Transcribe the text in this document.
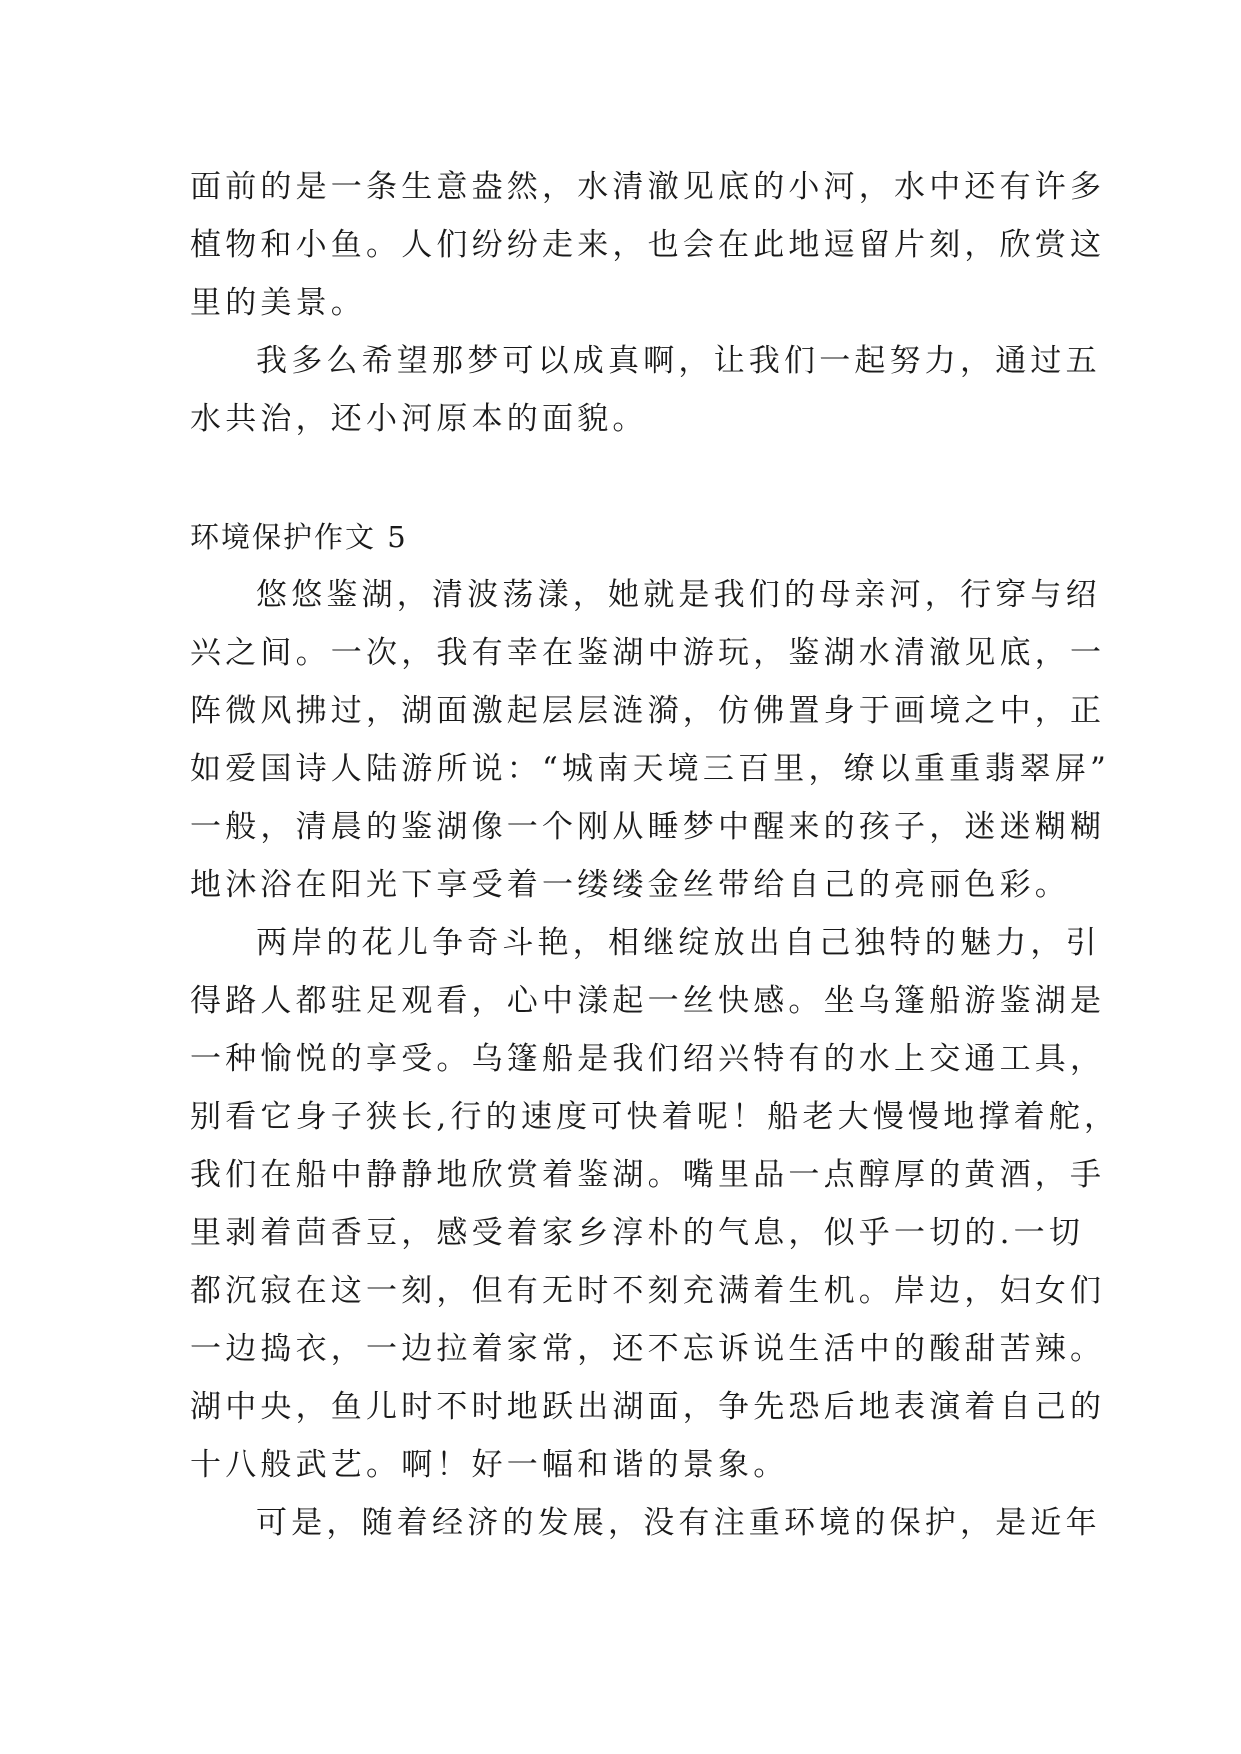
面前的是一条生意盎然，水清澈见底的小河，水中还有许多
植物和小鱼。人们纷纷走来，也会在此地逗留片刻，欣赏这
里的美景。
我多么希望那梦可以成真啊，让我们一起努力，通过五
水共治，还小河原本的面貌。
环境保护作文 5
悠悠鉴湖，清波荡漾，她就是我们的母亲河，行穿与绍
兴之间。一次，我有幸在鉴湖中游玩，鉴湖水清澈见底，一
阵微风拂过，湖面激起层层涟漪，仿佛置身于画境之中，正
如爱国诗人陆游所说：“城南天境三百里，缭以重重翡翠屏”
一般，清晨的鉴湖像一个刚从睡梦中醒来的孩子，迷迷糊糊
地沐浴在阳光下享受着一缕缕金丝带给自己的亮丽色彩。
两岸的花儿争奇斗艳，相继绽放出自己独特的魅力，引
得路人都驻足观看，心中漾起一丝快感。坐乌篷船游鉴湖是
一种愉悦的享受。乌篷船是我们绍兴特有的水上交通工具，
别看它身子狭长,行的速度可快着呢！船老大慢慢地撑着舵，
我们在船中静静地欣赏着鉴湖。嘴里品一点醇厚的黄酒，手
里剥着茴香豆，感受着家乡淳朴的气息，似乎一切的.一切
都沉寂在这一刻，但有无时不刻充满着生机。岸边，妇女们
一边捣衣，一边拉着家常，还不忘诉说生活中的酸甜苦辣。
湖中央，鱼儿时不时地跃出湖面，争先恐后地表演着自己的
十八般武艺。啊！好一幅和谐的景象。
可是，随着经济的发展，没有注重环境的保护，是近年
